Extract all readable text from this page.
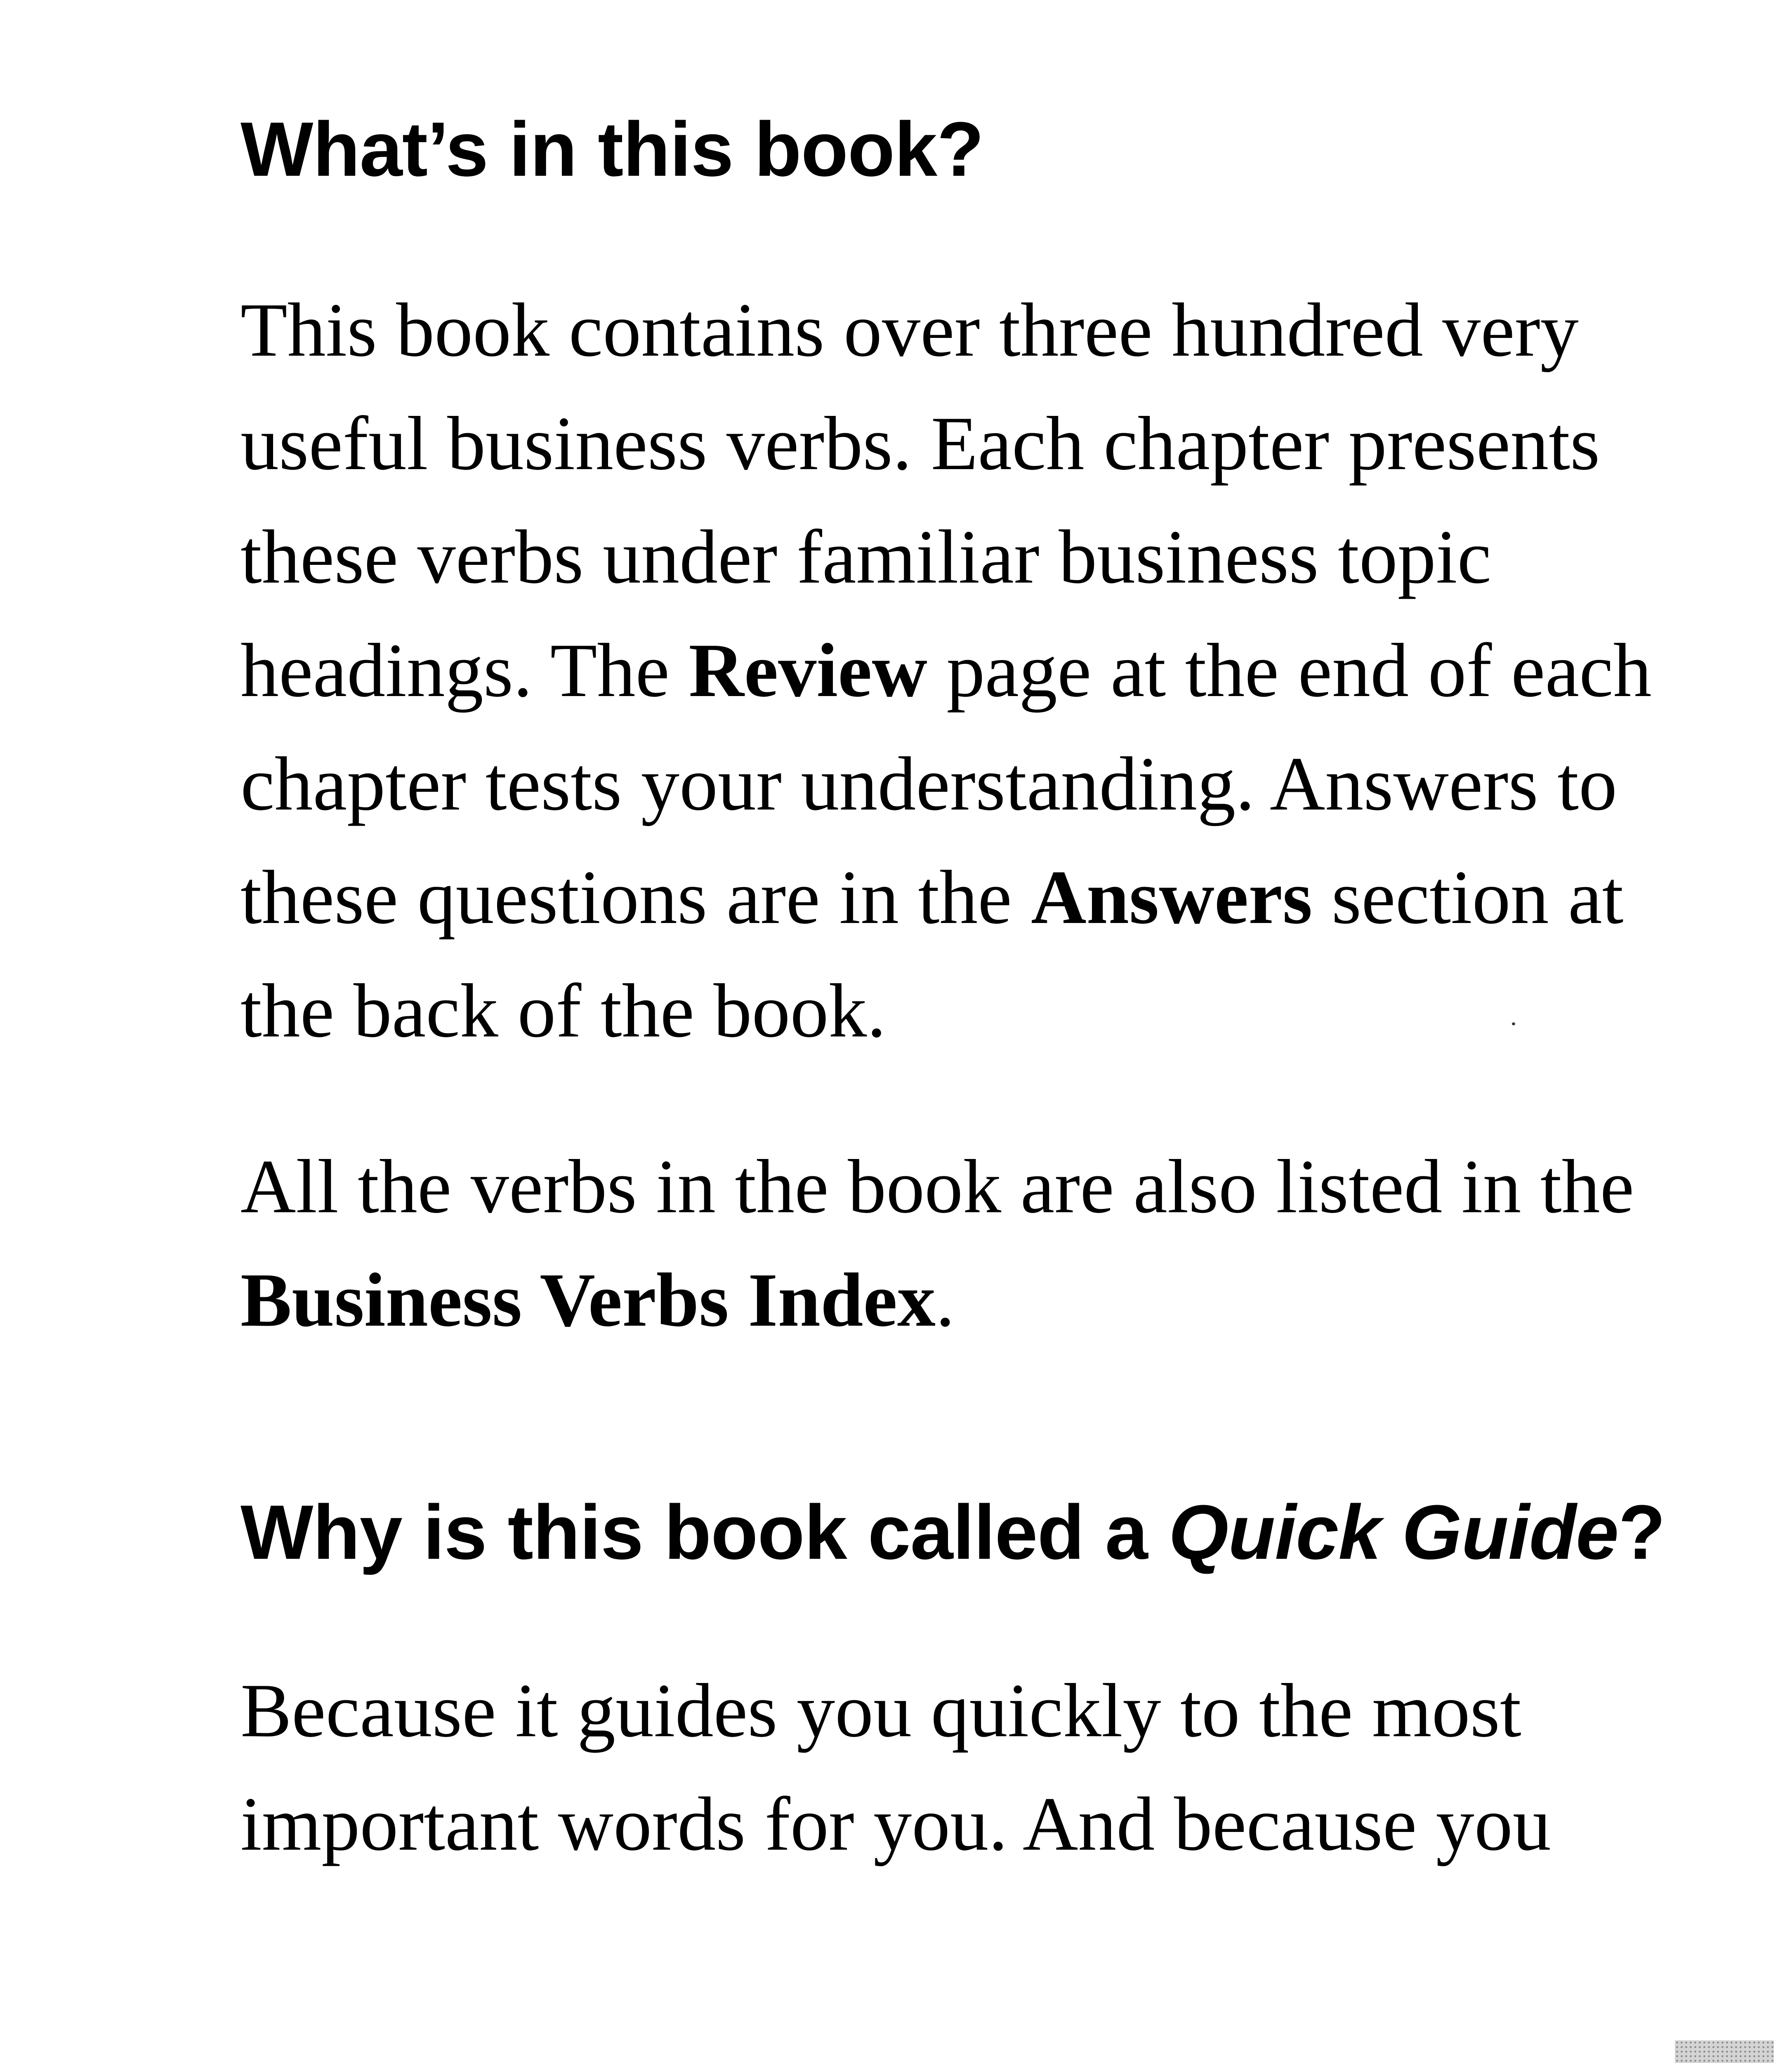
What’s in this book?

This book contains over three hundred very
useful business verbs. Each chapter presents
these verbs under familiar business topic
headings. The Review page at the end of each
chapter tests your understanding. Answers to
these questions are in the Answers section at
the back of the book.

All the verbs in the book are also listed in the
Business Verbs Index.

Why is this book called a Quick Guide?

Because it guides you quickly to the most
important words for you. And because you
